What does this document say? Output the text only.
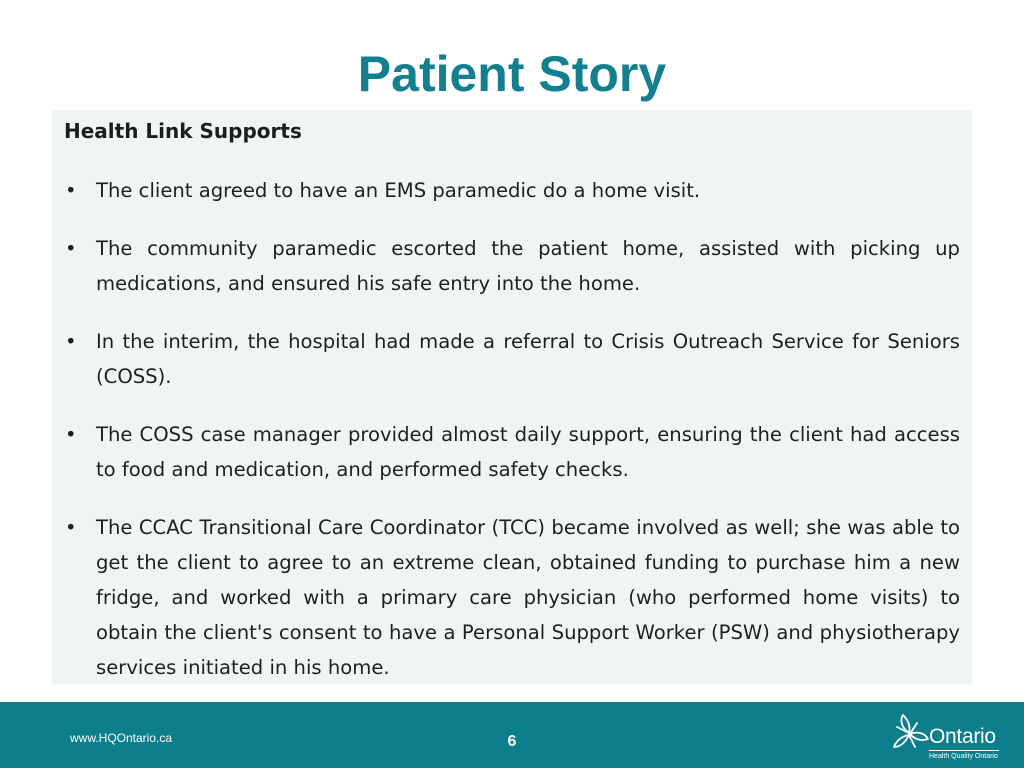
Patient Story
Health Link Supports
• The client agreed to have an EMS paramedic do a home visit.
• The community paramedic escorted the patient home, assisted with picking up medications, and ensured his safe entry into the home.
• In the interim, the hospital had made a referral to Crisis Outreach Service for Seniors (COSS).
• The COSS case manager provided almost daily support, ensuring the client had access to food and medication, and performed safety checks.
• The CCAC Transitional Care Coordinator (TCC) became involved as well; she was able to get the client to agree to an extreme clean, obtained funding to purchase him a new fridge, and worked with a primary care physician (who performed home visits) to obtain the client's consent to have a Personal Support Worker (PSW) and physiotherapy services initiated in his home.
www.HQOntario.ca	6	Ontario
Health Quality Ontario
